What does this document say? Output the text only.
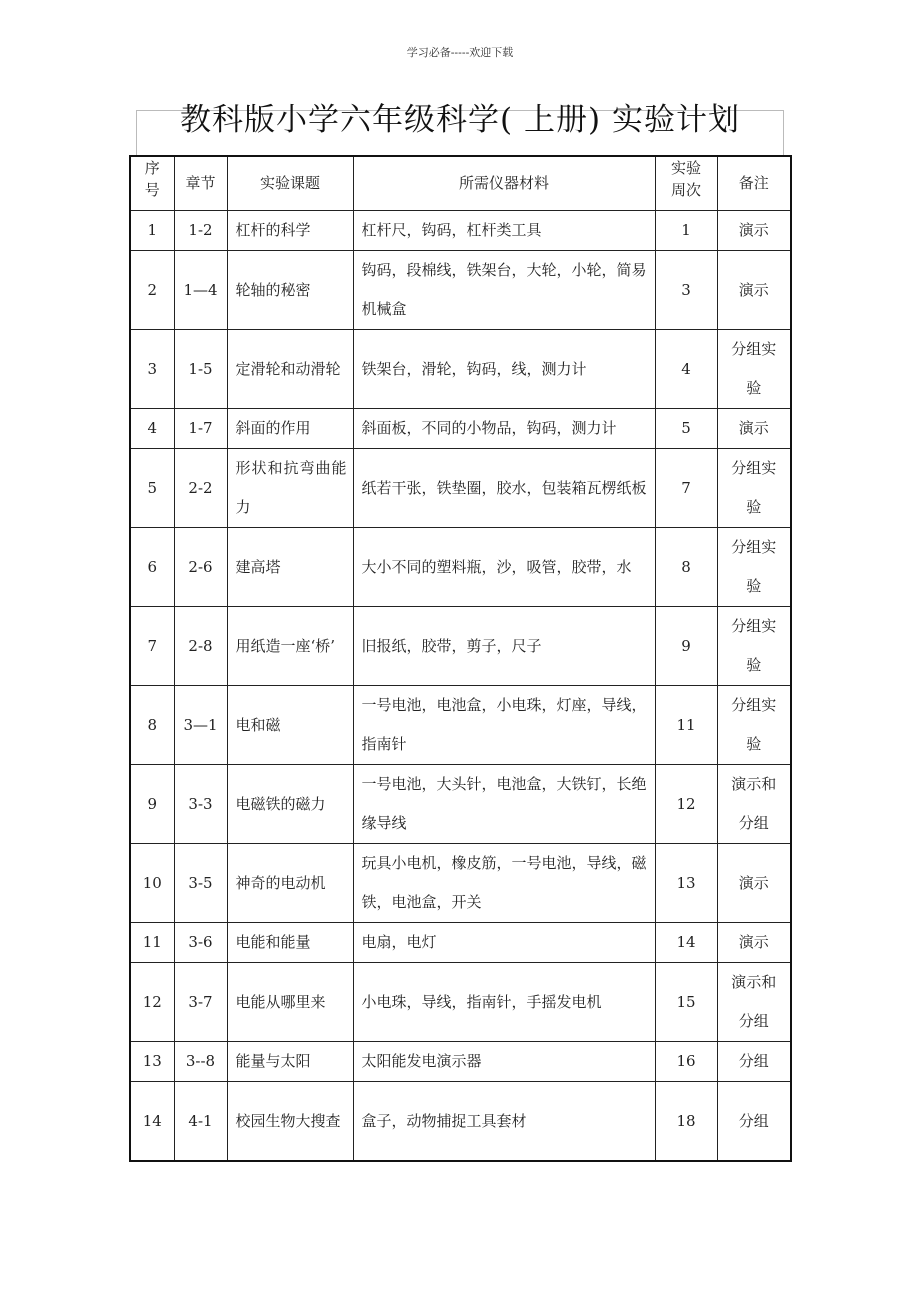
学习必备-----欢迎下载
教科版小学六年级科学( 上册) 实验计划
序号	章节	实验课题	所需仪器材料	实验周次	备注
1	1-2	杠杆的科学	杠杆尺，钩码，杠杆类工具	1	演示
2	1—4	轮轴的秘密	钩码，段棉线，铁架台，大轮，小轮，简易机械盒	3	演示
3	1-5	定滑轮和动滑轮	铁架台，滑轮，钩码，线，测力计	4	分组实验
4	1-7	斜面的作用	斜面板，不同的小物品，钩码，测力计	5	演示
5	2-2	形状和抗弯曲能力	纸若干张，铁垫圈，胶水，包装箱瓦楞纸板	7	分组实验
6	2-6	建高塔	大小不同的塑料瓶，沙，吸管，胶带，水	8	分组实验
7	2-8	用纸造一座‘桥’	旧报纸，胶带，剪子，尺子	9	分组实验
8	3—1	电和磁	一号电池，电池盒，小电珠，灯座，导线，指南针	11	分组实验
9	3-3	电磁铁的磁力	一号电池，大头针，电池盒，大铁钉，长绝缘导线	12	演示和分组
10	3-5	神奇的电动机	玩具小电机，橡皮筋，一号电池，导线，磁铁，电池盒，开关	13	演示
11	3-6	电能和能量	电扇，电灯	14	演示
12	3-7	电能从哪里来	小电珠，导线，指南针，手摇发电机	15	演示和分组
13	3--8	能量与太阳	太阳能发电演示器	16	分组
14	4-1	校园生物大搜查	盒子，动物捕捉工具套材	18	分组
